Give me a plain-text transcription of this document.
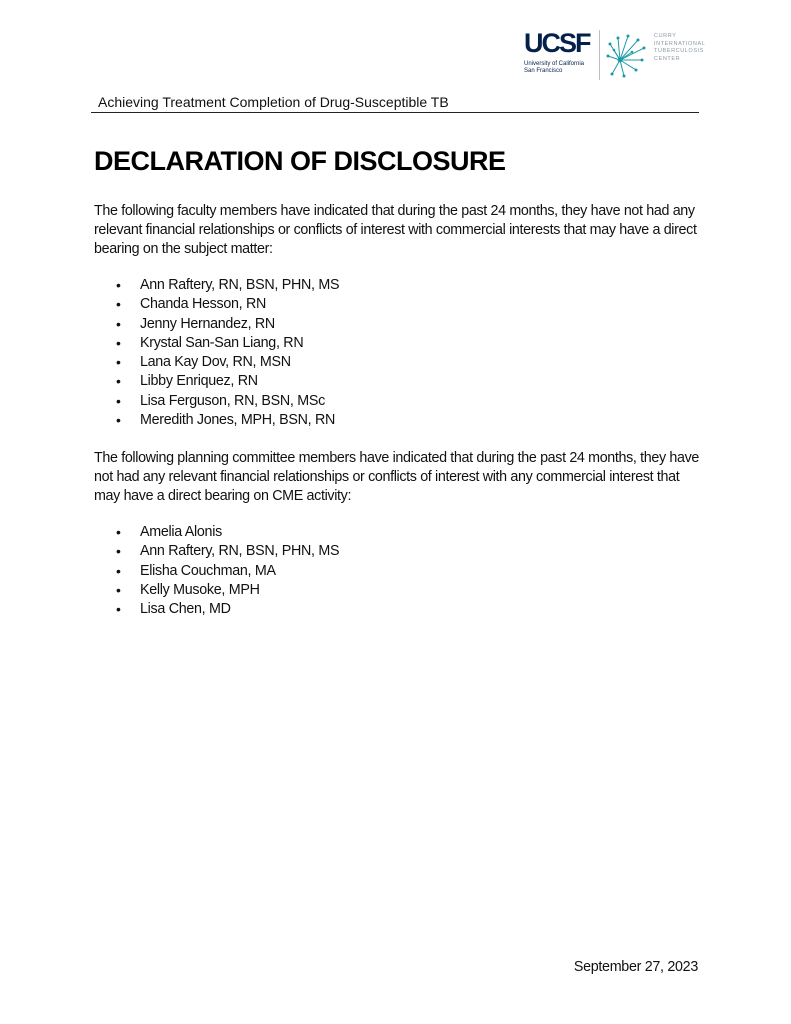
UCSF
University of California
San Francisco
CURRY
INTERNATIONAL
TUBERCULOSIS
CENTER
Achieving Treatment Completion of Drug-Susceptible TB
DECLARATION OF DISCLOSURE

The following faculty members have indicated that during the past 24 months, they have not had any relevant financial relationships or conflicts of interest with commercial interests that may have a direct bearing on the subject matter:

• Ann Raftery, RN, BSN, PHN, MS
• Chanda Hesson, RN
• Jenny Hernandez, RN
• Krystal San-San Liang, RN
• Lana Kay Dov, RN, MSN
• Libby Enriquez, RN
• Lisa Ferguson, RN, BSN, MSc
• Meredith Jones, MPH, BSN, RN

The following planning committee members have indicated that during the past 24 months, they have not had any relevant financial relationships or conflicts of interest with any commercial interest that may have a direct bearing on CME activity:

• Amelia Alonis
• Ann Raftery, RN, BSN, PHN, MS
• Elisha Couchman, MA
• Kelly Musoke, MPH
• Lisa Chen, MD
September 27, 2023
